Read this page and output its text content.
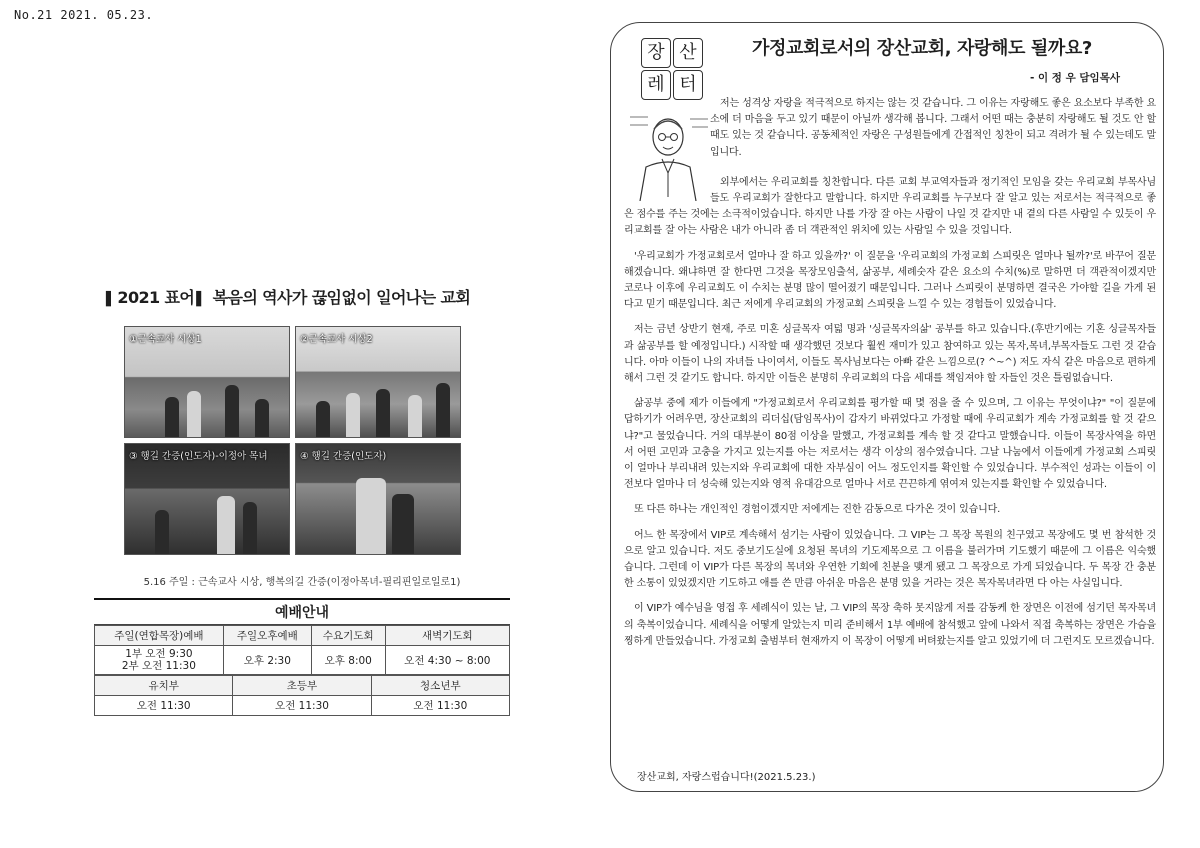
No.21 2021. 05.23.
▌ 2021 표어 ▌ 복음의 역사가 끊임없이 일어나는 교회
①근속교사 시상1	②근속교사 시상2
③ 행길 간증(인도자)-이정아 목녀	④ 행길 간증(인도자)
5.16 주일 : 근속교사 시상, 행복의길 간증(이정아목녀-필리핀일로일로1)
예배안내
주일(연합목장)예배	주일오후예배	수요기도회	새벽기도회

1부 오전 9:30
2부 오전 11:30	오후 2:30	오후 8:00	오전 4:30 ~ 8:00
유치부	초등부	청소년부
오전 11:30	오전 11:30	오전 11:30
장 산
레 터
가정교회로서의 장산교회, 자랑해도 될까요?
- 이 정 우 담임목사

저는 성격상 자랑을 적극적으로 하지는 않는 것 같습니다. 그 이유는 자랑해도 좋은 요소보다 부족한 요소에 더 마음을 두고 있기 때문이 아닐까 생각해 봅니다. 그래서 어떤 때는 충분히 자랑해도 될 것도 안 할 때도 있는 것 같습니다. 공동체적인 자랑은 구성원들에게 간접적인 칭찬이 되고 격려가 될 수 있는데도 말입니다.

외부에서는 우리교회를 칭찬합니다. 다른 교회 부교역자들과 정기적인 모임을 갖는 우리교회 부목사님들도 우리교회가 잘한다고 말합니다. 하지만 우리교회를 누구보다 잘 알고 있는 저로서는 적극적으로 좋은 점수를 주는 것에는 소극적이었습니다. 하지만 나를 가장 잘 아는 사람이 나일 것 같지만 내 곁의 다른 사람일 수 있듯이 우리교회를 잘 아는 사람은 내가 아니라 좀 더 객관적인 위치에 있는 사람일 수 있을 것입니다.

'우리교회가 가정교회로서 얼마나 잘 하고 있을까?' 이 질문을 '우리교회의 가정교회 스피릿은 얼마나 될까?'로 바꾸어 질문해겠습니다. 왜냐하면 잘 한다면 그것을 목장모임출석, 삶공부, 세례숫자 같은 요소의 수치(%)로 말하면 더 객관적이겠지만 코로나 이후에 우리교회도 이 수치는 분명 많이 떨어졌기 때문입니다. 그러나 스피릿이 분명하면 결국은 가야할 길을 가게 된다고 믿기 때문입니다. 최근 저에게 우리교회의 가정교회 스피릿을 느낄 수 있는 경험들이 있었습니다.

저는 금년 상반기 현재, 주로 미혼 싱글목자 여덟 명과 '싱글목자의삶' 공부를 하고 있습니다.(후반기에는 기혼 싱글목자들과 삶공부를 할 예정입니다.) 시작할 때 생각했던 것보다 훨씬 재미가 있고 참여하고 있는 목자,목녀,부목자들도 그런 것 같습니다. 아마 이들이 나의 자녀들 나이여서, 이들도 목사님보다는 아빠 같은 느낌으로(? ^~^) 저도 자식 같은 마음으로 편하게 해서 그런 것 같기도 합니다. 하지만 이들은 분명히 우리교회의 다음 세대를 책임져야 할 자들인 것은 틀림없습니다.

삶공부 중에 제가 이들에게 "가정교회로서 우리교회를 평가할 때 몇 점을 줄 수 있으며, 그 이유는 무엇이냐?" "이 질문에 답하기가 어려우면, 장산교회의 리더십(담임목사)이 갑자기 바뀌었다고 가정할 때에 우리교회가 계속 가정교회를 할 것 같으냐?"고 물었습니다. 거의 대부분이 80점 이상을 말했고, 가정교회를 계속 할 것 같다고 말했습니다. 이들이 목장사역을 하면서 어떤 고민과 고충을 가지고 있는지를 아는 저로서는 생각 이상의 점수였습니다. 그날 나눔에서 이들에게 가정교회 스피릿이 얼마나 부리내려 있는지와 우리교회에 대한 자부심이 어느 정도인지를 확인할 수 있었습니다. 부수적인 성과는 이들이 이전보다 얼마나 더 성숙해 있는지와 영적 유대감으로 얼마나 서로 끈끈하게 엮여져 있는지를 확인할 수 있었습니다.

또 다른 하나는 개인적인 경험이겠지만 저에게는 진한 감동으로 다가온 것이 있습니다.

어느 한 목장에서 VIP로 계속해서 섬기는 사람이 있었습니다. 그 VIP는 그 목장 목원의 친구였고 목장에도 몇 번 참석한 것으로 알고 있습니다. 저도 중보기도실에 요청된 목녀의 기도제목으로 그 이름을 불러가며 기도했기 때문에 그 이름은 익숙했습니다. 그런데 이 VIP가 다른 목장의 목녀와 우연한 기회에 친분을 맺게 됐고 그 목장으로 가게 되었습니다. 두 목장 간 충분한 소통이 있었겠지만 기도하고 애를 쓴 만큼 아쉬운 마음은 분명 있을 거라는 것은 목자목녀라면 다 아는 사실입니다.

이 VIP가 예수님을 영접 후 세례식이 있는 날, 그 VIP의 목장 축하 못지않게 저를 감동케 한 장면은 이전에 섬기던 목자목녀의 축복이었습니다. 세례식을 어떻게 알았는지 미리 준비해서 1부 예배에 참석했고 앞에 나와서 직접 축복하는 장면은 가슴을 찡하게 만들었습니다. 가정교회 출범부터 현재까지 이 목장이 어떻게 버텨왔는지를 알고 있었기에 더 그런지도 모르겠습니다.

장산교회, 자랑스럽습니다!(2021.5.23.)
